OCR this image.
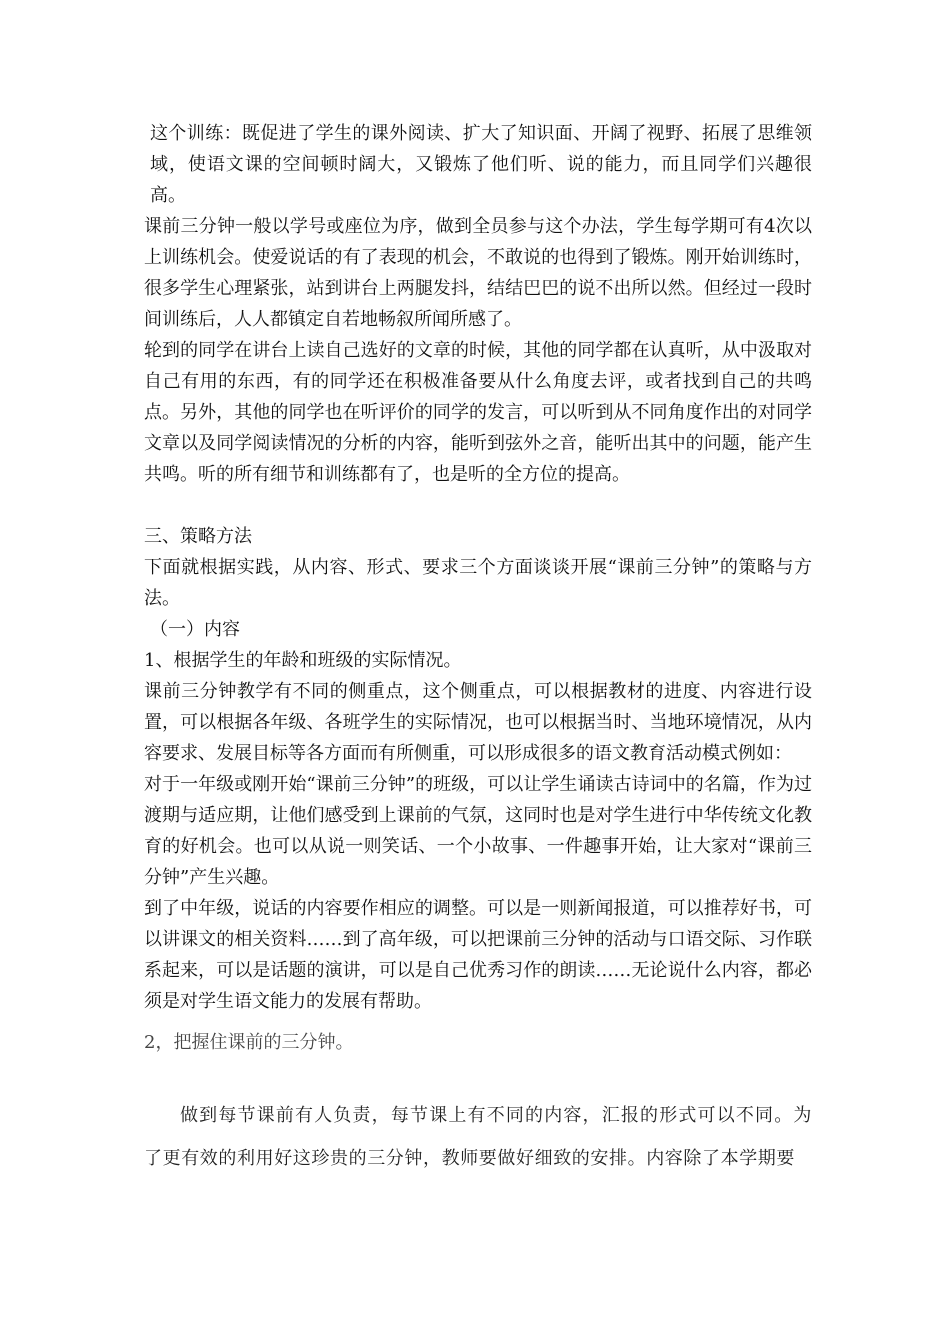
这个训练：既促进了学生的课外阅读、扩大了知识面、开阔了视野、拓展了思维领域，使语文课的空间顿时阔大，又锻炼了他们听、说的能力，而且同学们兴趣很高。

课前三分钟一般以学号或座位为序，做到全员参与这个办法，学生每学期可有4次以上训练机会。使爱说话的有了表现的机会，不敢说的也得到了锻炼。刚开始训练时，很多学生心理紧张，站到讲台上两腿发抖，结结巴巴的说不出所以然。但经过一段时间训练后，人人都镇定自若地畅叙所闻所感了。

轮到的同学在讲台上读自己选好的文章的时候，其他的同学都在认真听，从中汲取对自己有用的东西，有的同学还在积极准备要从什么角度去评，或者找到自己的共鸣点。另外，其他的同学也在听评价的同学的发言，可以听到从不同角度作出的对同学文章以及同学阅读情况的分析的内容，能听到弦外之音，能听出其中的问题，能产生共鸣。听的所有细节和训练都有了，也是听的全方位的提高。

三、策略方法

下面就根据实践，从内容、形式、要求三个方面谈谈开展“课前三分钟”的策略与方法。

（一）内容

1、根据学生的年龄和班级的实际情况。

课前三分钟教学有不同的侧重点，这个侧重点，可以根据教材的进度、内容进行设置，可以根据各年级、各班学生的实际情况，也可以根据当时、当地环境情况，从内容要求、发展目标等各方面而有所侧重，可以形成很多的语文教育活动模式例如：

对于一年级或刚开始“课前三分钟”的班级，可以让学生诵读古诗词中的名篇，作为过渡期与适应期，让他们感受到上课前的气氛，这同时也是对学生进行中华传统文化教育的好机会。也可以从说一则笑话、一个小故事、一件趣事开始，让大家对“课前三分钟”产生兴趣。

到了中年级，说话的内容要作相应的调整。可以是一则新闻报道，可以推荐好书，可以讲课文的相关资料……到了高年级，可以把课前三分钟的活动与口语交际、习作联系起来，可以是话题的演讲，可以是自己优秀习作的朗读……无论说什么内容，都必须是对学生语文能力的发展有帮助。

2，把握住课前的三分钟。

做到每节课前有人负责，每节课上有不同的内容，汇报的形式可以不同。为了更有效的利用好这珍贵的三分钟，教师要做好细致的安排。内容除了本学期要
